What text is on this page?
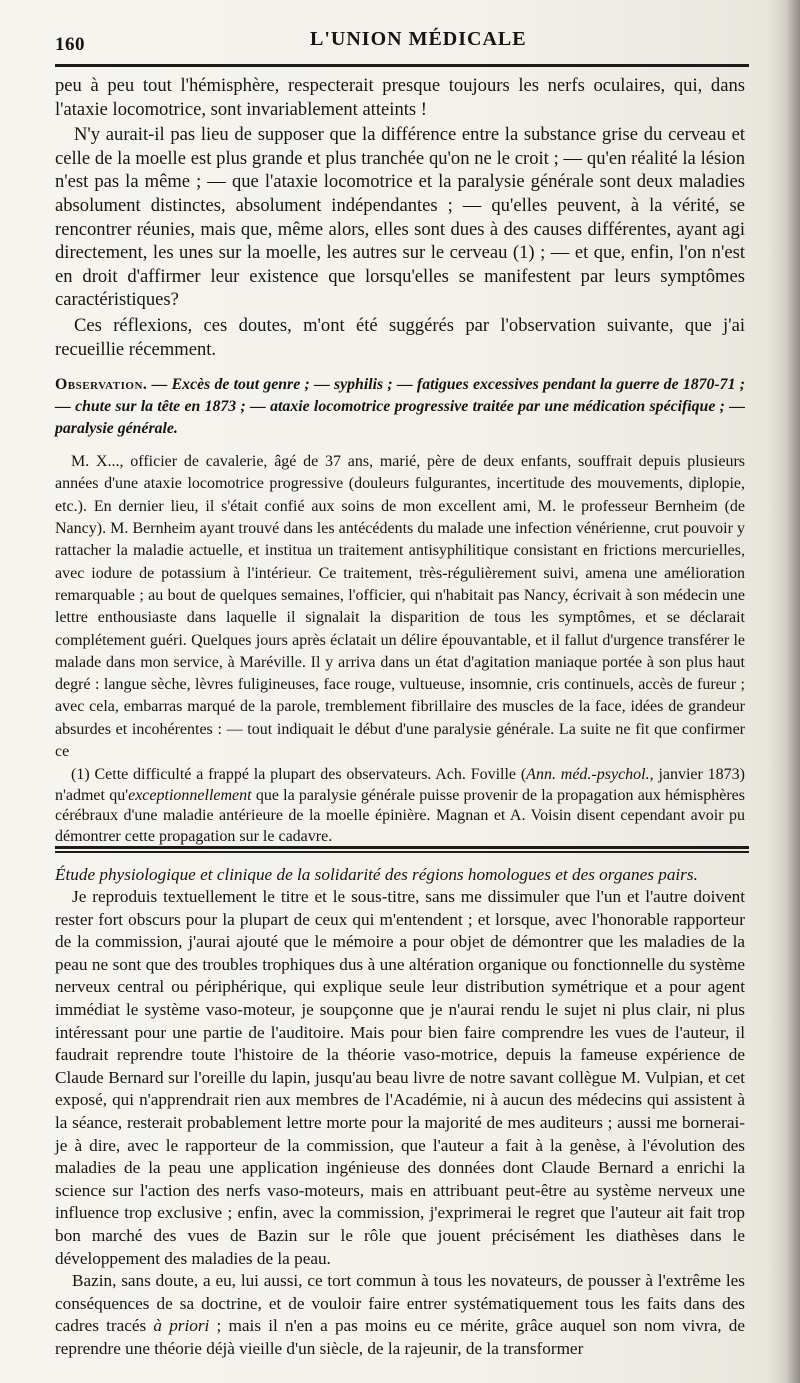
160	L'UNION MÉDICALE

peu à peu tout l'hémisphère, respecterait presque toujours les nerfs oculaires, qui, dans l'ataxie locomotrice, sont invariablement atteints !

N'y aurait-il pas lieu de supposer que la différence entre la substance grise du cerveau et celle de la moelle est plus grande et plus tranchée qu'on ne le croit ; — qu'en réalité la lésion n'est pas la même ; — que l'ataxie locomotrice et la paralysie générale sont deux maladies absolument distinctes, absolument indépendantes ; — qu'elles peuvent, à la vérité, se rencontrer réunies, mais que, même alors, elles sont dues à des causes différentes, ayant agi directement, les unes sur la moelle, les autres sur le cerveau (1) ; — et que, enfin, l'on n'est en droit d'affirmer leur existence que lorsqu'elles se manifestent par leurs symptômes caractéristiques?

Ces réflexions, ces doutes, m'ont été suggérés par l'observation suivante, que j'ai recueillie récemment.

Observation. — Excès de tout genre ; — syphilis ; — fatigues excessives pendant la guerre de 1870-71 ; — chute sur la tête en 1873 ; — ataxie locomotrice progressive traitée par une médication spécifique ; — paralysie générale.

M. X..., officier de cavalerie, âgé de 37 ans, marié, père de deux enfants, souffrait depuis plusieurs années d'une ataxie locomotrice progressive (douleurs fulgurantes, incertitude des mouvements, diplopie, etc.). En dernier lieu, il s'était confié aux soins de mon excellent ami, M. le professeur Bernheim (de Nancy). M. Bernheim ayant trouvé dans les antécédents du malade une infection vénérienne, crut pouvoir y rattacher la maladie actuelle, et institua un traitement antisyphilitique consistant en frictions mercurielles, avec iodure de potassium à l'intérieur. Ce traitement, très-régulièrement suivi, amena une amélioration remarquable ; au bout de quelques semaines, l'officier, qui n'habitait pas Nancy, écrivait à son médecin une lettre enthousiaste dans laquelle il signalait la disparition de tous les symptômes, et se déclarait complétement guéri. Quelques jours après éclatait un délire épouvantable, et il fallut d'urgence transférer le malade dans mon service, à Maréville. Il y arriva dans un état d'agitation maniaque portée à son plus haut degré : langue sèche, lèvres fuligineuses, face rouge, vultueuse, insomnie, cris continuels, accès de fureur ; avec cela, embarras marqué de la parole, tremblement fibrillaire des muscles de la face, idées de grandeur absurdes et incohérentes : — tout indiquait le début d'une paralysie générale. La suite ne fit que confirmer ce

(1) Cette difficulté a frappé la plupart des observateurs. Ach. Foville (Ann. méd.-psychol., janvier 1873) n'admet qu'exceptionnellement que la paralysie générale puisse provenir de la propagation aux hémisphères cérébraux d'une maladie antérieure de la moelle épinière. Magnan et A. Voisin disent cependant avoir pu démontrer cette propagation sur le cadavre.

Étude physiologique et clinique de la solidarité des régions homologues et des organes pairs.

Je reproduis textuellement le titre et le sous-titre, sans me dissimuler que l'un et l'autre doivent rester fort obscurs pour la plupart de ceux qui m'entendent ; et lorsque, avec l'honorable rapporteur de la commission, j'aurai ajouté que le mémoire a pour objet de démontrer que les maladies de la peau ne sont que des troubles trophiques dus à une altération organique ou fonctionnelle du système nerveux central ou périphérique, qui explique seule leur distribution symétrique et a pour agent immédiat le système vaso-moteur, je soupçonne que je n'aurai rendu le sujet ni plus clair, ni plus intéressant pour une partie de l'auditoire. Mais pour bien faire comprendre les vues de l'auteur, il faudrait reprendre toute l'histoire de la théorie vaso-motrice, depuis la fameuse expérience de Claude Bernard sur l'oreille du lapin, jusqu'au beau livre de notre savant collègue M. Vulpian, et cet exposé, qui n'apprendrait rien aux membres de l'Académie, ni à aucun des médecins qui assistent à la séance, resterait probablement lettre morte pour la majorité de mes auditeurs ; aussi me bornerai-je à dire, avec le rapporteur de la commission, que l'auteur a fait à la genèse, à l'évolution des maladies de la peau une application ingénieuse des données dont Claude Bernard a enrichi la science sur l'action des nerfs vaso-moteurs, mais en attribuant peut-être au système nerveux une influence trop exclusive ; enfin, avec la commission, j'exprimerai le regret que l'auteur ait fait trop bon marché des vues de Bazin sur le rôle que jouent précisément les diathèses dans le développement des maladies de la peau.

Bazin, sans doute, a eu, lui aussi, ce tort commun à tous les novateurs, de pousser à l'extrême les conséquences de sa doctrine, et de vouloir faire entrer systématiquement tous les faits dans des cadres tracés à priori ; mais il n'en a pas moins eu ce mérite, grâce auquel son nom vivra, de reprendre une théorie déjà vieille d'un siècle, de la rajeunir, de la transformer
